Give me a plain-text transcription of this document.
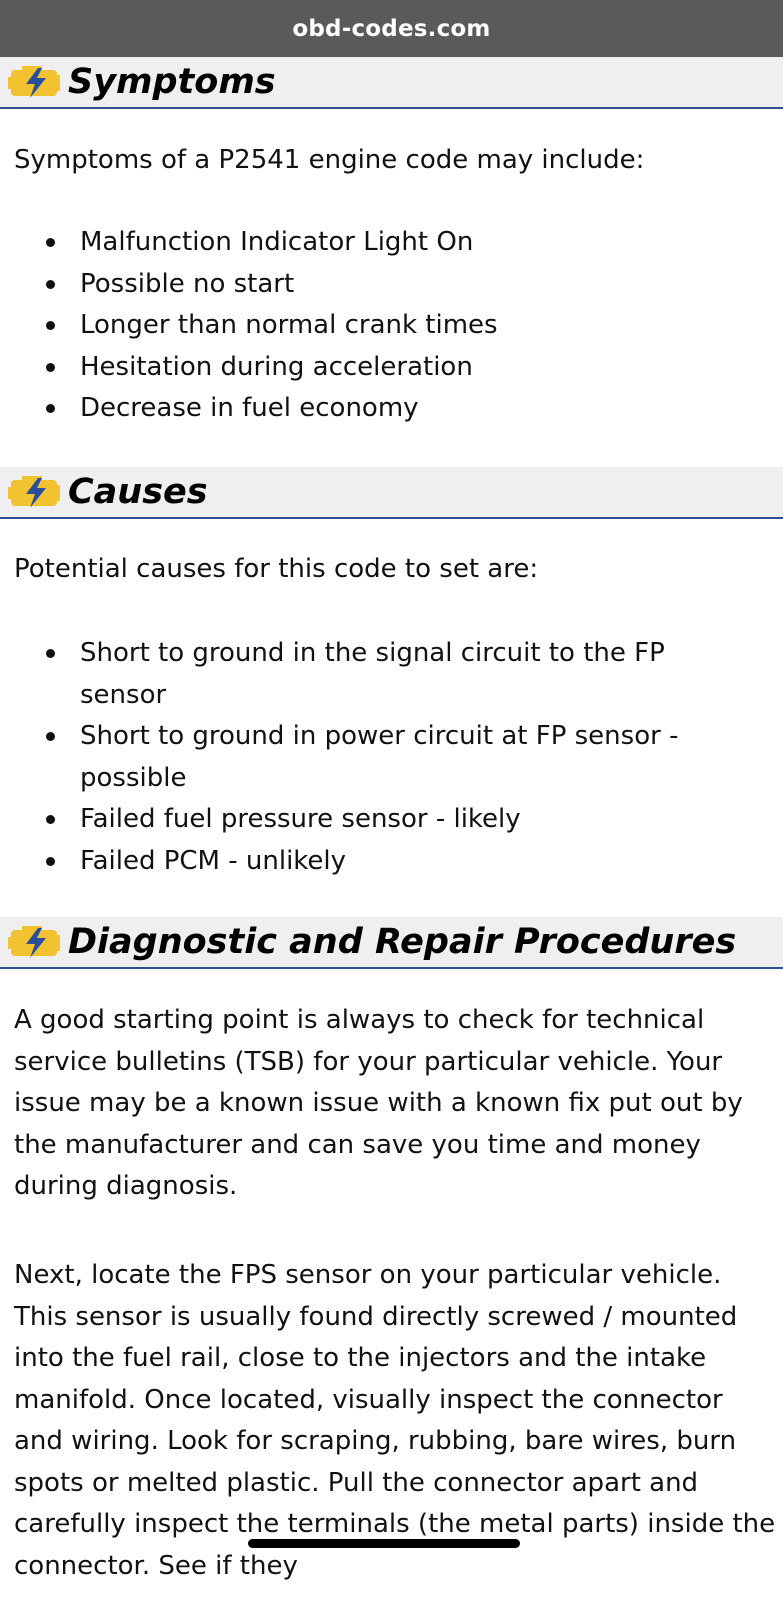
obd-codes.com
Symptoms

Symptoms of a P2541 engine code may include:

Malfunction Indicator Light On
Possible no start
Longer than normal crank times
Hesitation during acceleration
Decrease in fuel economy
Causes

Potential causes for this code to set are:

Short to ground in the signal circuit to the FP sensor
Short to ground in power circuit at FP sensor - possible
Failed fuel pressure sensor - likely
Failed PCM - unlikely
Diagnostic and Repair Procedures

A good starting point is always to check for technical service bulletins (TSB) for your particular vehicle. Your issue may be a known issue with a known fix put out by the manufacturer and can save you time and money during diagnosis.

Next, locate the FPS sensor on your particular vehicle. This sensor is usually found directly screwed / mounted into the fuel rail, close to the injectors and the intake manifold. Once located, visually inspect the connector and wiring. Look for scraping, rubbing, bare wires, burn spots or melted plastic. Pull the connector apart and carefully inspect the terminals (the metal parts) inside the connector. See if they
